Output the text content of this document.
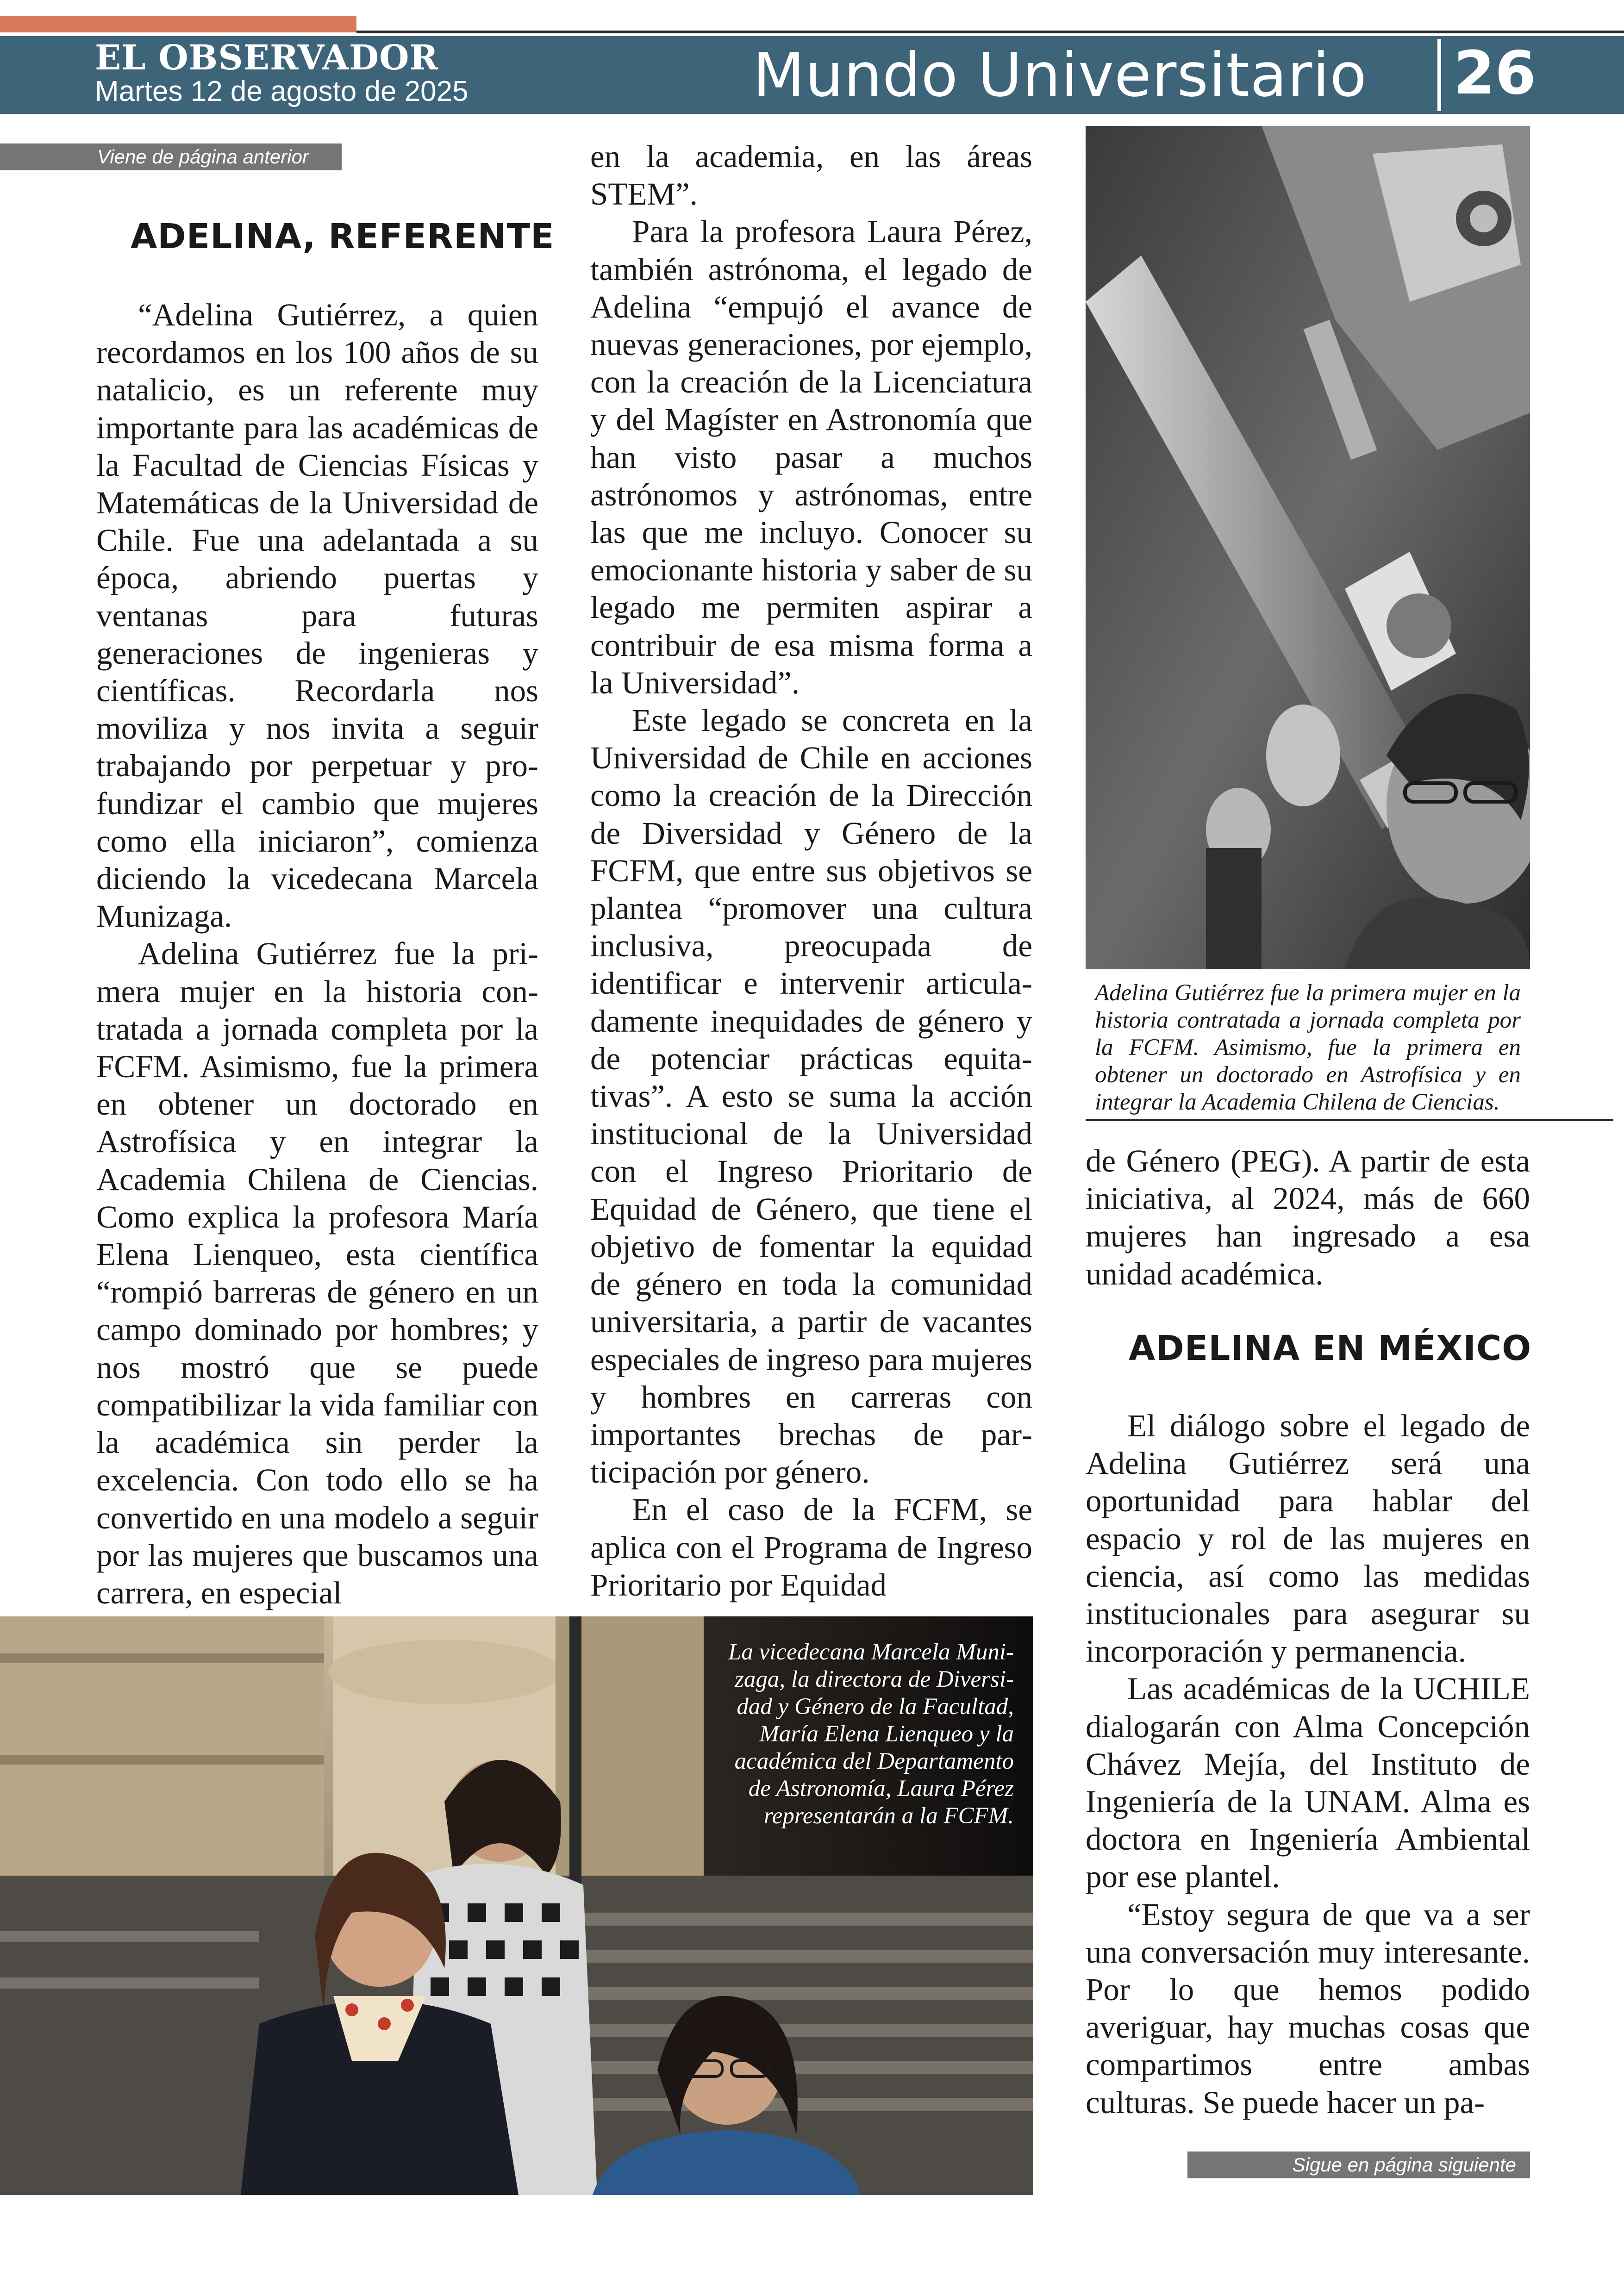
EL OBSERVADOR
Martes 12 de agosto de 2025	Mundo Universitario 26
Viene de página anterior
ADELINA, REFERENTE

“Adelina Gutiérrez, a quien recordamos en los 100 años de su natalicio, es un referente muy importante para las académicas de la Facultad de Ciencias Físicas y Matemáticas de la Universidad de Chile. Fue una adelantada a su época, abriendo puertas y ventanas para futuras generaciones de ingenieras y científicas. Recordarla nos moviliza y nos invita a seguir trabajando por perpetuar y profundizar el cambio que mujeres como ella iniciaron”, comienza diciendo la vicedecana Marcela Munizaga.

Adelina Gutiérrez fue la primera mujer en la historia contratada a jornada completa por la FCFM. Asimismo, fue la primera en obtener un doctorado en Astrofísica y en integrar la Academia Chilena de Ciencias. Como explica la profesora María Elena Lienqueo, esta científica “rompió barreras de género en un campo dominado por hombres; y nos mostró que se puede compatibilizar la vida familiar con la académica sin perder la excelencia. Con todo ello se ha convertido en una modelo a seguir por las mujeres que buscamos una carrera, en especial

en la academia, en las áreas STEM”.

Para la profesora Laura Pérez, también astrónoma, el legado de Adelina “empujó el avance de nuevas generaciones, por ejemplo, con la creación de la Licenciatura y del Magíster en Astronomía que han visto pasar a muchos astrónomos y astrónomas, entre las que me incluyo. Conocer su emocionante historia y saber de su legado me permiten aspirar a contribuir de esa misma forma a la Universidad”.

Este legado se concreta en la Universidad de Chile en acciones como la creación de la Dirección de Diversidad y Género de la FCFM, que entre sus objetivos se plantea “promover una cultura inclusiva, preocupada de identificar e intervenir articuladamente inequidades de género y de potenciar prácticas equitativas”. A esto se suma la acción institucional de la Universidad con el Ingreso Prioritario de Equidad de Género, que tiene el objetivo de fomentar la equidad de género en toda la comunidad universitaria, a partir de vacantes especiales de ingreso para mujeres y hombres en carreras con importantes brechas de participación por género.

En el caso de la FCFM, se aplica con el Programa de Ingreso Prioritario por Equidad

Adelina Gutiérrez fue la primera mujer en la historia contratada a jornada completa por la FCFM. Asimismo, fue la primera en obtener un doctorado en Astrofísica y en integrar la Academia Chilena de Ciencias.

de Género (PEG). A partir de esta iniciativa, al 2024, más de 660 mujeres han ingresado a esa unidad académica.

ADELINA EN MÉXICO

El diálogo sobre el legado de Adelina Gutiérrez será una oportunidad para hablar del espacio y rol de las mujeres en ciencia, así como las medidas institucionales para asegurar su incorporación y permanencia.

Las académicas de la UCHILE dialogarán con Alma Concepción Chávez Mejía, del Instituto de Ingeniería de la UNAM. Alma es doctora en Ingeniería Ambiental por ese plantel.

“Estoy segura de que va a ser una conversación muy interesante. Por lo que hemos podido averiguar, hay muchas cosas que compartimos entre ambas culturas. Se puede hacer un pa-

La vicedecana Marcela Munizaga, la directora de Diversidad y Género de la Facultad, María Elena Lienqueo y la académica del Departamento de Astronomía, Laura Pérez representarán a la FCFM.
Sigue en página siguiente
